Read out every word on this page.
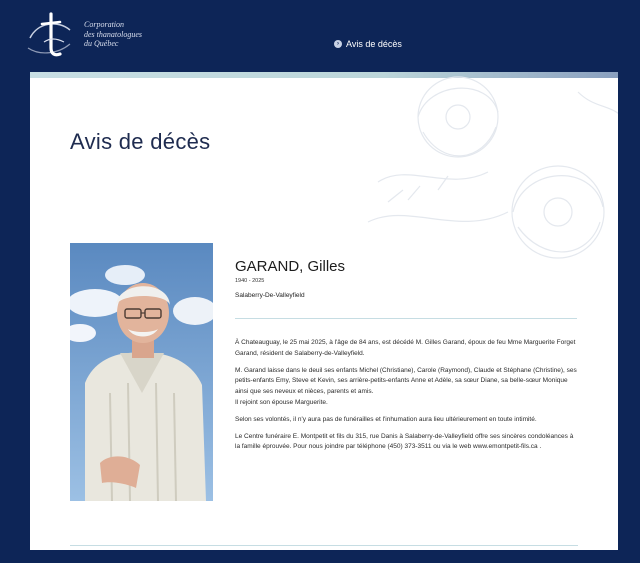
Corporation
des thanatologues
du Québec	› Avis de décès
Avis de décès
GARAND, Gilles
1940 - 2025
Salaberry-De-Valleyfield

À Chateauguay, le 25 mai 2025, à l'âge de 84 ans, est décédé M. Gilles Garand, époux de feu Mme Marguerite Forget Garand, résident de Salaberry-de-Valleyfield.

M. Garand laisse dans le deuil ses enfants Michel (Christiane), Carole (Raymond), Claude et Stéphane (Christine), ses petits-enfants Emy, Steve et Kevin, ses arrière-petits-enfants Anne et Adèle, sa sœur Diane, sa belle-sœur Monique ainsi que ses neveux et nièces, parents et amis.

Il rejoint son épouse Marguerite.

Selon ses volontés, il n'y aura pas de funérailles et l'inhumation aura lieu ultérieurement en toute intimité.

Le Centre funéraire E. Montpetit et fils du 315, rue Danis à Salaberry-de-Valleyfield offre ses sincères condoléances à la famille éprouvée. Pour nous joindre par téléphone (450) 373-3511 ou via le web www.emontpetit-fils.ca .
